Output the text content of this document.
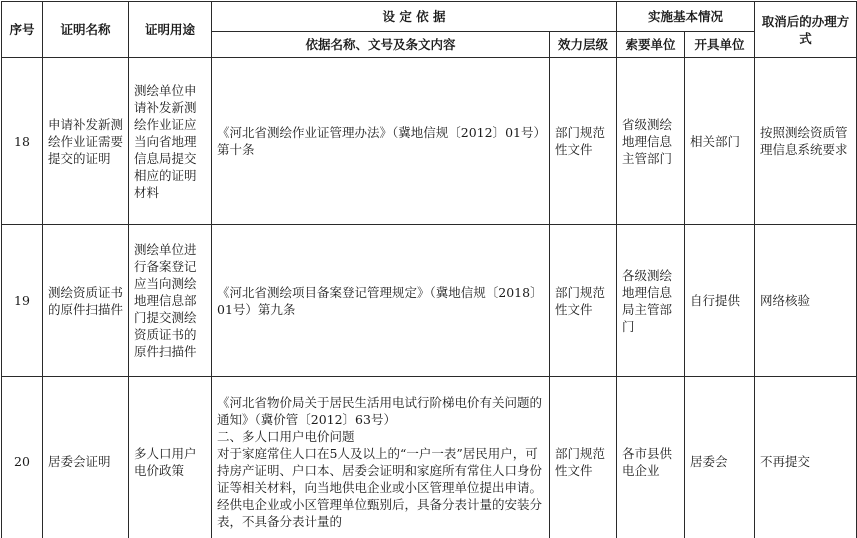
序号	证明名称	证明用途	设 定 依 据		实施基本情况		取消后的办理方式
			依据名称、文号及条文内容	效力层级	索要单位	开具单位	
18	申请补发新测绘作业证需要提交的证明	测绘单位申请补发新测绘作业证应当向省地理信息局提交相应的证明材料	《河北省测绘作业证管理办法》（冀地信规〔2012〕01号）第十条	部门规范性文件	省级测绘地理信息主管部门	相关部门	按照测绘资质管理信息系统要求
19	测绘资质证书的原件扫描件	测绘单位进行备案登记应当向测绘地理信息部门提交测绘资质证书的原件扫描件	《河北省测绘项目备案登记管理规定》（冀地信规〔2018〕01号）第九条	部门规范性文件	各级测绘地理信息局主管部门	自行提供	网络核验
20	居委会证明	多人口用户电价政策	《河北省物价局关于居民生活用电试行阶梯电价有关问题的通知》（冀价管〔2012〕63号）
二、多人口用户电价问题
对于家庭常住人口在5人及以上的“一户一表”居民用户，可持房产证明、户口本、居委会证明和家庭所有常住人口身份证等相关材料，向当地供电企业或小区管理单位提出申请。经供电企业或小区管理单位甄别后，具备分表计量的安装分表，不具备分表计量的	部门规范性文件	各市县供电企业	居委会	不再提交
